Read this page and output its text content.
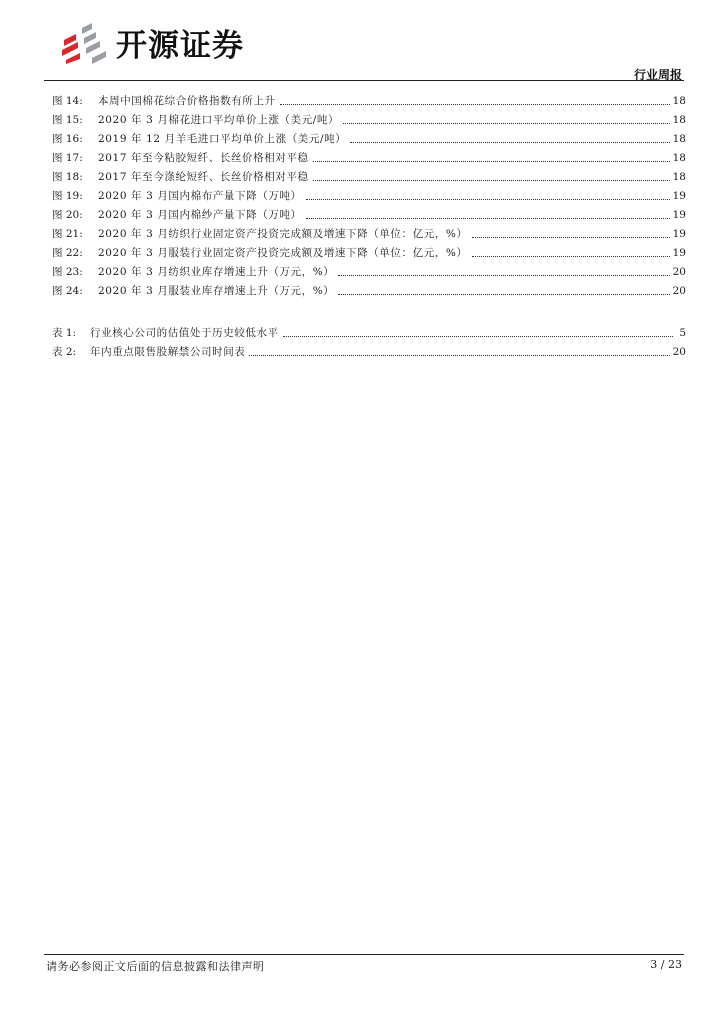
开源证券
行业周报
图 14:	本周中国棉花综合价格指数有所上升	18
图 15:	2020 年 3 月棉花进口平均单价上涨（美元/吨）	18
图 16:	2019 年 12 月羊毛进口平均单价上涨（美元/吨）	18
图 17:	2017 年至今粘胶短纤、长丝价格相对平稳	18
图 18:	2017 年至今涤纶短纤、长丝价格相对平稳	18
图 19:	2020 年 3 月国内棉布产量下降（万吨）	19
图 20:	2020 年 3 月国内棉纱产量下降（万吨）	19
图 21:	2020 年 3 月纺织行业固定资产投资完成额及增速下降（单位：亿元，%）	19
图 22:	2020 年 3 月服装行业固定资产投资完成额及增速下降（单位：亿元，%）	19
图 23:	2020 年 3 月纺织业库存增速上升（万元，%）	20
图 24:	2020 年 3 月服装业库存增速上升（万元，%）	20
表 1:	行业核心公司的估值处于历史较低水平	5
表 2:	年内重点限售股解禁公司时间表	20
请务必参阅正文后面的信息披露和法律声明	3 / 23
